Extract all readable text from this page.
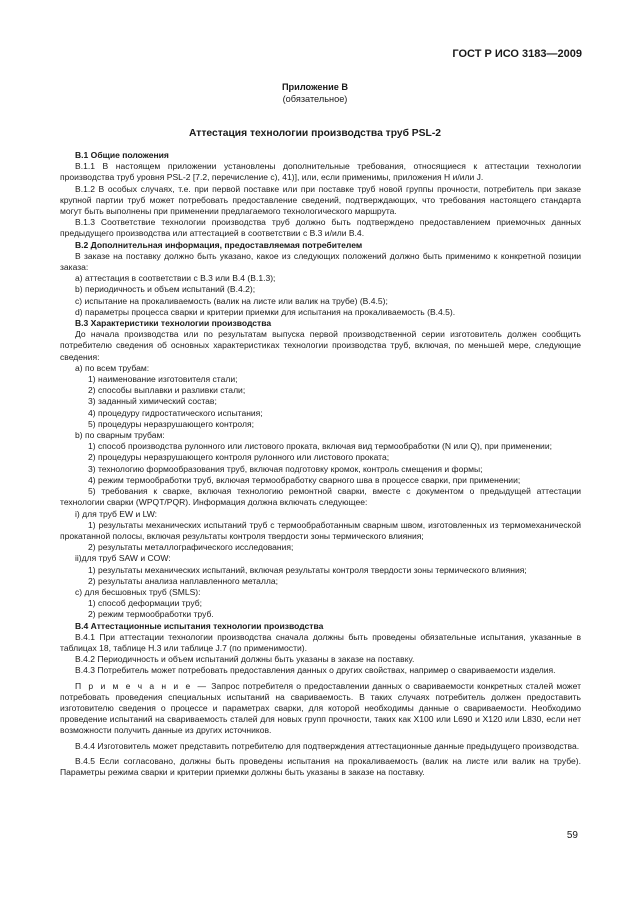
ГОСТ Р ИСО 3183—2009
Приложение В
(обязательное)
Аттестация технологии производства труб PSL-2

В.1 Общие положения

В.1.1 В настоящем приложении установлены дополнительные требования, относящиеся к аттестации технологии производства труб уровня PSL-2 [7.2, перечисление с), 41)], или, если применимы, приложения Н и/или J.

В.1.2 В особых случаях, т.е. при первой поставке или при поставке труб новой группы прочности, потребитель при заказе крупной партии труб может потребовать предоставление сведений, подтверждающих, что требования настоящего стандарта могут быть выполнены при применении предлагаемого технологического маршрута.

В.1.3 Соответствие технологии производства труб должно быть подтверждено предоставлением приемочных данных предыдущего производства или аттестацией в соответствии с В.3 и/или В.4.

В.2 Дополнительная информация, предоставляемая потребителем

В заказе на поставку должно быть указано, какое из следующих положений должно быть применимо к конкретной позиции заказа:

a) аттестация в соответствии с В.3 или В.4 (В.1.3);

b) периодичность и объем испытаний (В.4.2);

c) испытание на прокаливаемость (валик на листе или валик на трубе) (В.4.5);

d) параметры процесса сварки и критерии приемки для испытания на прокаливаемость (В.4.5).

В.3 Характеристики технологии производства

До начала производства или по результатам выпуска первой производственной серии изготовитель должен сообщить потребителю сведения об основных характеристиках технологии производства труб, включая, по меньшей мере, следующие сведения:

a) по всем трубам:

1) наименование изготовителя стали;

2) способы выплавки и разливки стали;

3) заданный химический состав;

4) процедуру гидростатического испытания;

5) процедуры неразрушающего контроля;

b) по сварным трубам:

1) способ производства рулонного или листового проката, включая вид термообработки (N или Q), при применении;

2) процедуры неразрушающего контроля рулонного или листового проката;

3) технологию формообразования труб, включая подготовку кромок, контроль смещения и формы;

4) режим термообработки труб, включая термообработку сварного шва в процессе сварки, при применении;

5) требования к сварке, включая технологию ремонтной сварки, вместе с документом о предыдущей аттестации технологии сварки (WPQT/PQR). Информация должна включать следующее:

i) для труб EW и LW:

1) результаты механических испытаний труб с термообработанным сварным швом, изготовленных из термомеханической прокатанной полосы, включая результаты контроля твердости зоны термического влияния;

2) результаты металлографического исследования;

ii)для труб SAW и COW:

1) результаты механических испытаний, включая результаты контроля твердости зоны термического влияния;

2) результаты анализа наплавленного металла;

c) для бесшовных труб (SMLS):

1) способ деформации труб;

2) режим термообработки труб.

В.4 Аттестационные испытания технологии производства

В.4.1 При аттестации технологии производства сначала должны быть проведены обязательные испытания, указанные в таблицах 18, таблице Н.3 или таблице J.7 (по применимости).

В.4.2 Периодичность и объем испытаний должны быть указаны в заказе на поставку.

В.4.3 Потребитель может потребовать предоставления данных о других свойствах, например о свариваемости изделия.

П р и м е ч а н и е — Запрос потребителя о предоставлении данных о свариваемости конкретных сталей может потребовать проведения специальных испытаний на свариваемость. В таких случаях потребитель должен предоставить изготовителю сведения о процессе и параметрах сварки, для которой необходимы данные о свариваемости. Необходимо проведение испытаний на свариваемость сталей для новых групп прочности, таких как Х100 или L690 и Х120 или L830, если нет возможности получить данные из других источников.

В.4.4 Изготовитель может представить потребителю для подтверждения аттестационные данные предыдущего производства.

В.4.5 Если согласовано, должны быть проведены испытания на прокаливаемость (валик на листе или валик на трубе). Параметры режима сварки и критерии приемки должны быть указаны в заказе на поставку.

59
